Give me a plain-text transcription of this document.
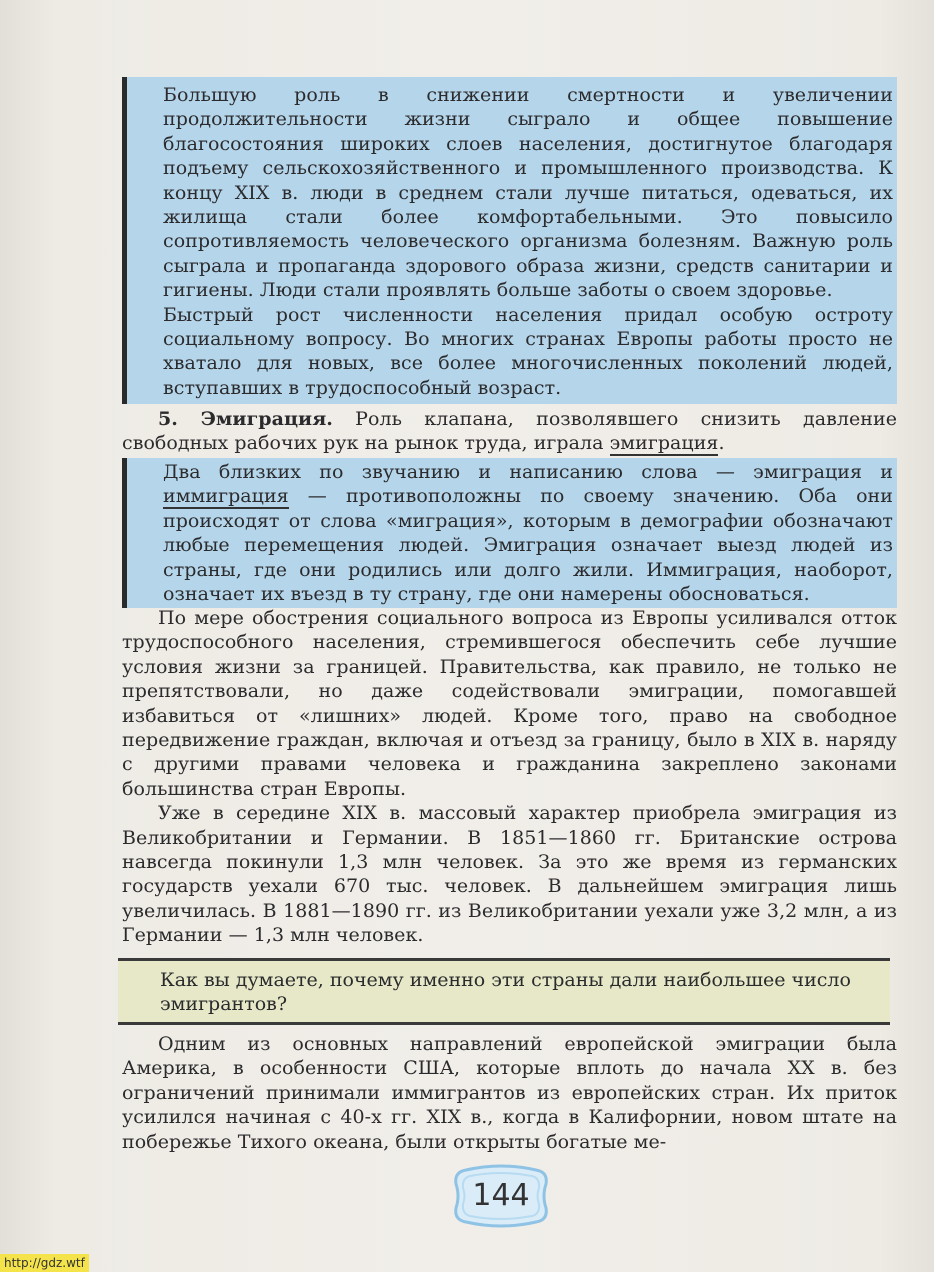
Большую роль в снижении смертности и увеличении продолжительности жизни сыграло и общее повышение благосостояния широких слоев населения, достигнутое благодаря подъему сельскохозяйственного и промышленного производства. К концу XIX в. люди в среднем стали лучше питаться, одеваться, их жилища стали более комфортабельными. Это повысило сопротивляемость человеческого организма болезням. Важную роль сыграла и пропаганда здорового образа жизни, средств санитарии и гигиены. Люди стали проявлять больше заботы о своем здоровье.

Быстрый рост численности населения придал особую остроту социальному вопросу. Во многих странах Европы работы просто не хватало для новых, все более многочисленных поколений людей, вступавших в трудоспособный возраст.

5. Эмиграция. Роль клапана, позволявшего снизить давление свободных рабочих рук на рынок труда, играла эмиграция.

Два близких по звучанию и написанию слова — эмиграция и иммиграция — противоположны по своему значению. Оба они происходят от слова «миграция», которым в демографии обозначают любые перемещения людей. Эмиграция означает выезд людей из страны, где они родились или долго жили. Иммиграция, наоборот, означает их въезд в ту страну, где они намерены обосноваться.

По мере обострения социального вопроса из Европы усиливался отток трудоспособного населения, стремившегося обеспечить себе лучшие условия жизни за границей. Правительства, как правило, не только не препятствовали, но даже содействовали эмиграции, помогавшей избавиться от «лишних» людей. Кроме того, право на свободное передвижение граждан, включая и отъезд за границу, было в XIX в. наряду с другими правами человека и гражданина закреплено законами большинства стран Европы.

Уже в середине XIX в. массовый характер приобрела эмиграция из Великобритании и Германии. В 1851—1860 гг. Британские острова навсегда покинули 1,3 млн человек. За это же время из германских государств уехали 670 тыс. человек. В дальнейшем эмиграция лишь увеличилась. В 1881—1890 гг. из Великобритании уехали уже 3,2 млн, а из Германии — 1,3 млн человек.

Как вы думаете, почему именно эти страны дали наибольшее число эмигрантов?

Одним из основных направлений европейской эмиграции была Америка, в особенности США, которые вплоть до начала XX в. без ограничений принимали иммигрантов из европейских стран. Их приток усилился начиная с 40-х гг. XIX в., когда в Калифорнии, новом штате на побережье Тихого океана, были открыты богатые ме-

144
http://gdz.wtf
